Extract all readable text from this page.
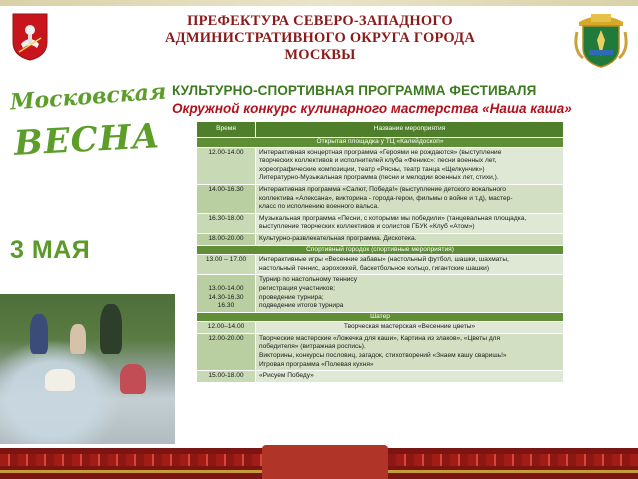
ПРЕФЕКТУРА СЕВЕРО-ЗАПАДНОГО
АДМИНИСТРАТИВНОГО ОКРУГА ГОРОДА
МОСКВЫ
Московская
ВЕСНА
3 МАЯ
КУЛЬТУРНО-СПОРТИВНАЯ ПРОГРАММА ФЕСТИВАЛЯ
Окружной конкурс кулинарного мастерства «Наша каша»
Время	Название мероприятия
Открытая площадка у ТЦ «Калейдоскоп»	

12.00-14.00	Интерактивная концертная программа «Героями не рождаются» (выступление
творческих коллективов и исполнителей клуба «Феникс»: песни военных лет,
хореографические композиции, театр «Рясны, театр танца «Щелкунчик»)
Литературно-Музыкальная программа (песни и мелодии военных лет, стихи,).

14.00-16.30	Интерактивная программа «Салют, Победа!» (выступление детского вокального
коллектива «Алексана», викторина - города-герои, фильмы о войне и т.д), мастер-
класс по исполнению военного вальса.

16.30-18.00	Музыкальная программа «Песни, с которыми мы победили» (танцевальная площадка,
выступление творческих коллективов и солистов ГБУК «Клуб «Атом»)

18.00-20.00	Культурно-развлекательная программа. Дискотека.

Спортивный городок (спортивные мероприятия)	

13.00 – 17.00	Интерактивные игры «Весенние забавы» (настольный футбол, шашки, шахматы,
настольный теннис, аэрохоккей, баскетбольное кольцо, гигантские шашки)

13.00-14.00
14.30-16.30
16.30	Турнир по настольному теннису
регистрация участников;
проведение турнира;
подведение итогов турнира

Шатер	

12.00–14.00	Творческая мастерская «Весенние цветы»

12.00-20.00	Творческие мастерские «Ложечка для каши», Картина из злаков», «Цветы для
победителя» (витражная роспись).
Викторины, конкурсы пословиц, загадок, стихотворений «Знаем кашу сваришь!»
Игровая программа «Полевая кухня»

15.00-18.00	«Рисуем Победу»
